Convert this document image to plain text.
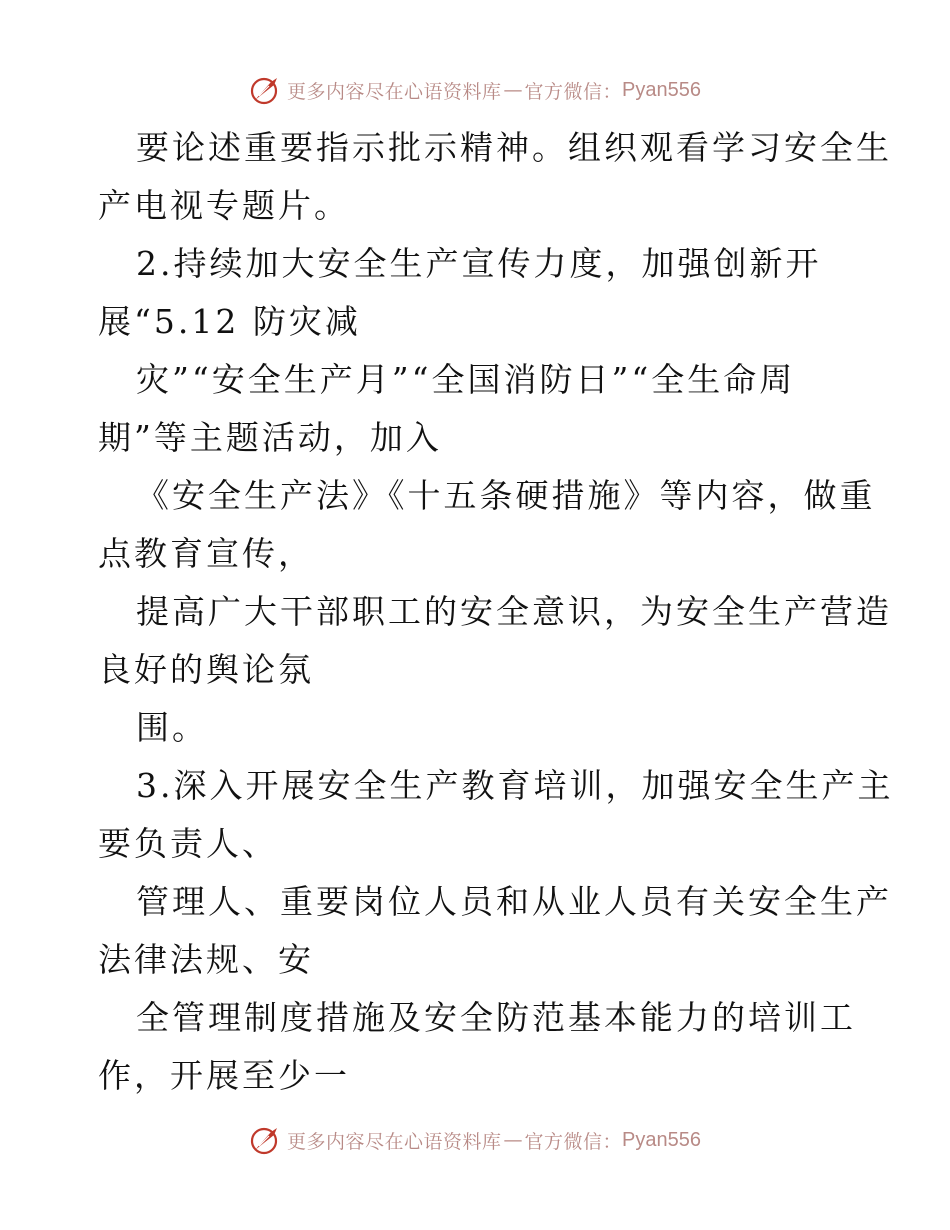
更多内容尽在心语资料库 — 官方微信： Pyan556
要论述重要指示批示精神。组织观看学习安全生
产电视专题片。
2.持续加大安全生产宣传力度，加强创新开
展“5.12 防灾减
灾”“安全生产月”“全国消防日”“全生命周
期”等主题活动，加入
《安全生产法》《十五条硬措施》等内容，做重
点教育宣传，
提高广大干部职工的安全意识，为安全生产营造
良好的舆论氛
围。
3.深入开展安全生产教育培训，加强安全生产主
要负责人、
管理人、重要岗位人员和从业人员有关安全生产
法律法规、安
全管理制度措施及安全防范基本能力的培训工
作，开展至少一
更多内容尽在心语资料库 — 官方微信： Pyan556
